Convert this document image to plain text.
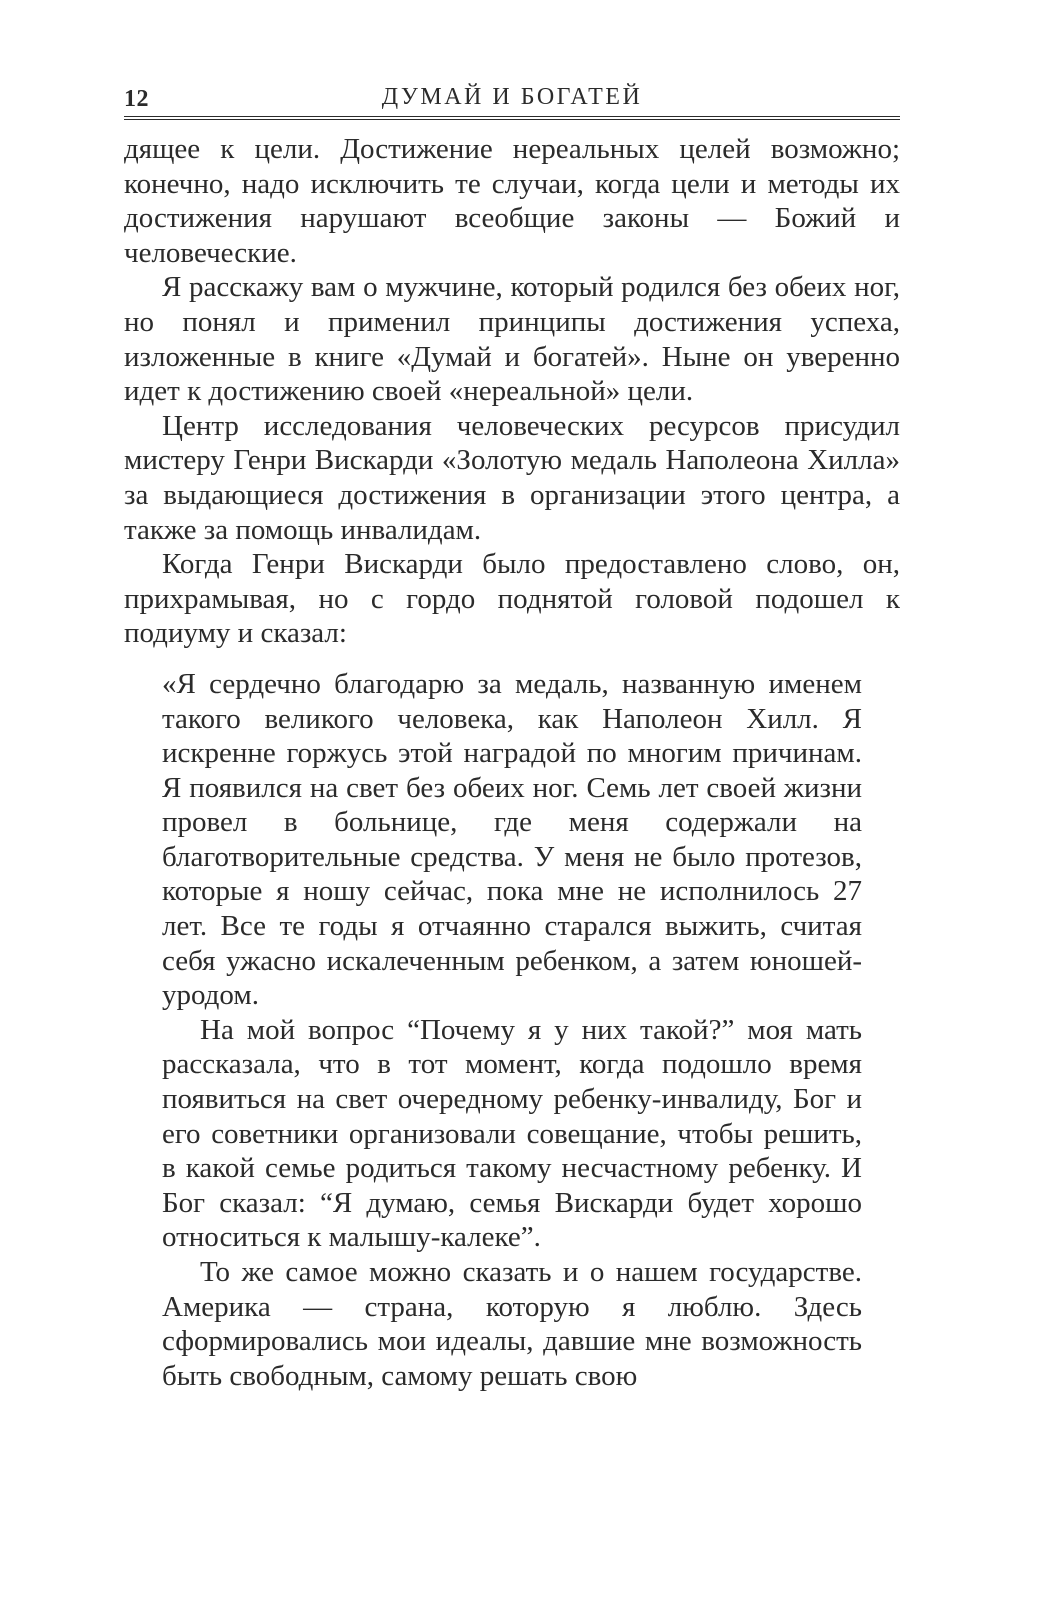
12	ДУМАЙ И БОГАТЕЙ

дящее к цели. Достижение нереальных целей возможно; конечно, надо исключить те случаи, когда цели и методы их достижения нарушают всеобщие законы — Божий и человеческие.

Я расскажу вам о мужчине, который родился без обеих ног, но понял и применил принципы достижения успеха, изложенные в книге «Думай и богатей». Ныне он уверенно идет к достижению своей «нереальной» цели.

Центр исследования человеческих ресурсов присудил мистеру Генри Вискарди «Золотую медаль Наполеона Хилла» за выдающиеся достижения в организации этого центра, а также за помощь инвалидам.

Когда Генри Вискарди было предоставлено слово, он, прихрамывая, но с гордо поднятой головой подошел к подиуму и сказал:

«Я сердечно благодарю за медаль, названную именем такого великого человека, как Наполеон Хилл. Я искренне горжусь этой наградой по многим причинам. Я появился на свет без обеих ног. Семь лет своей жизни провел в больнице, где меня содержали на благотворительные средства. У меня не было протезов, которые я ношу сейчас, пока мне не исполнилось 27 лет. Все те годы я отчаянно старался выжить, считая себя ужасно искалеченным ребенком, а затем юношей-уродом.

На мой вопрос “Почему я у них такой?” моя мать рассказала, что в тот момент, когда подошло время появиться на свет очередному ребенку-инвалиду, Бог и его советники организовали совещание, чтобы решить, в какой семье родиться такому несчастному ребенку. И Бог сказал: “Я думаю, семья Вискарди будет хорошо относиться к малышу-калеке”.

То же самое можно сказать и о нашем государстве. Америка — страна, которую я люблю. Здесь сформировались мои идеалы, давшие мне возможность быть свободным, самому решать свою
